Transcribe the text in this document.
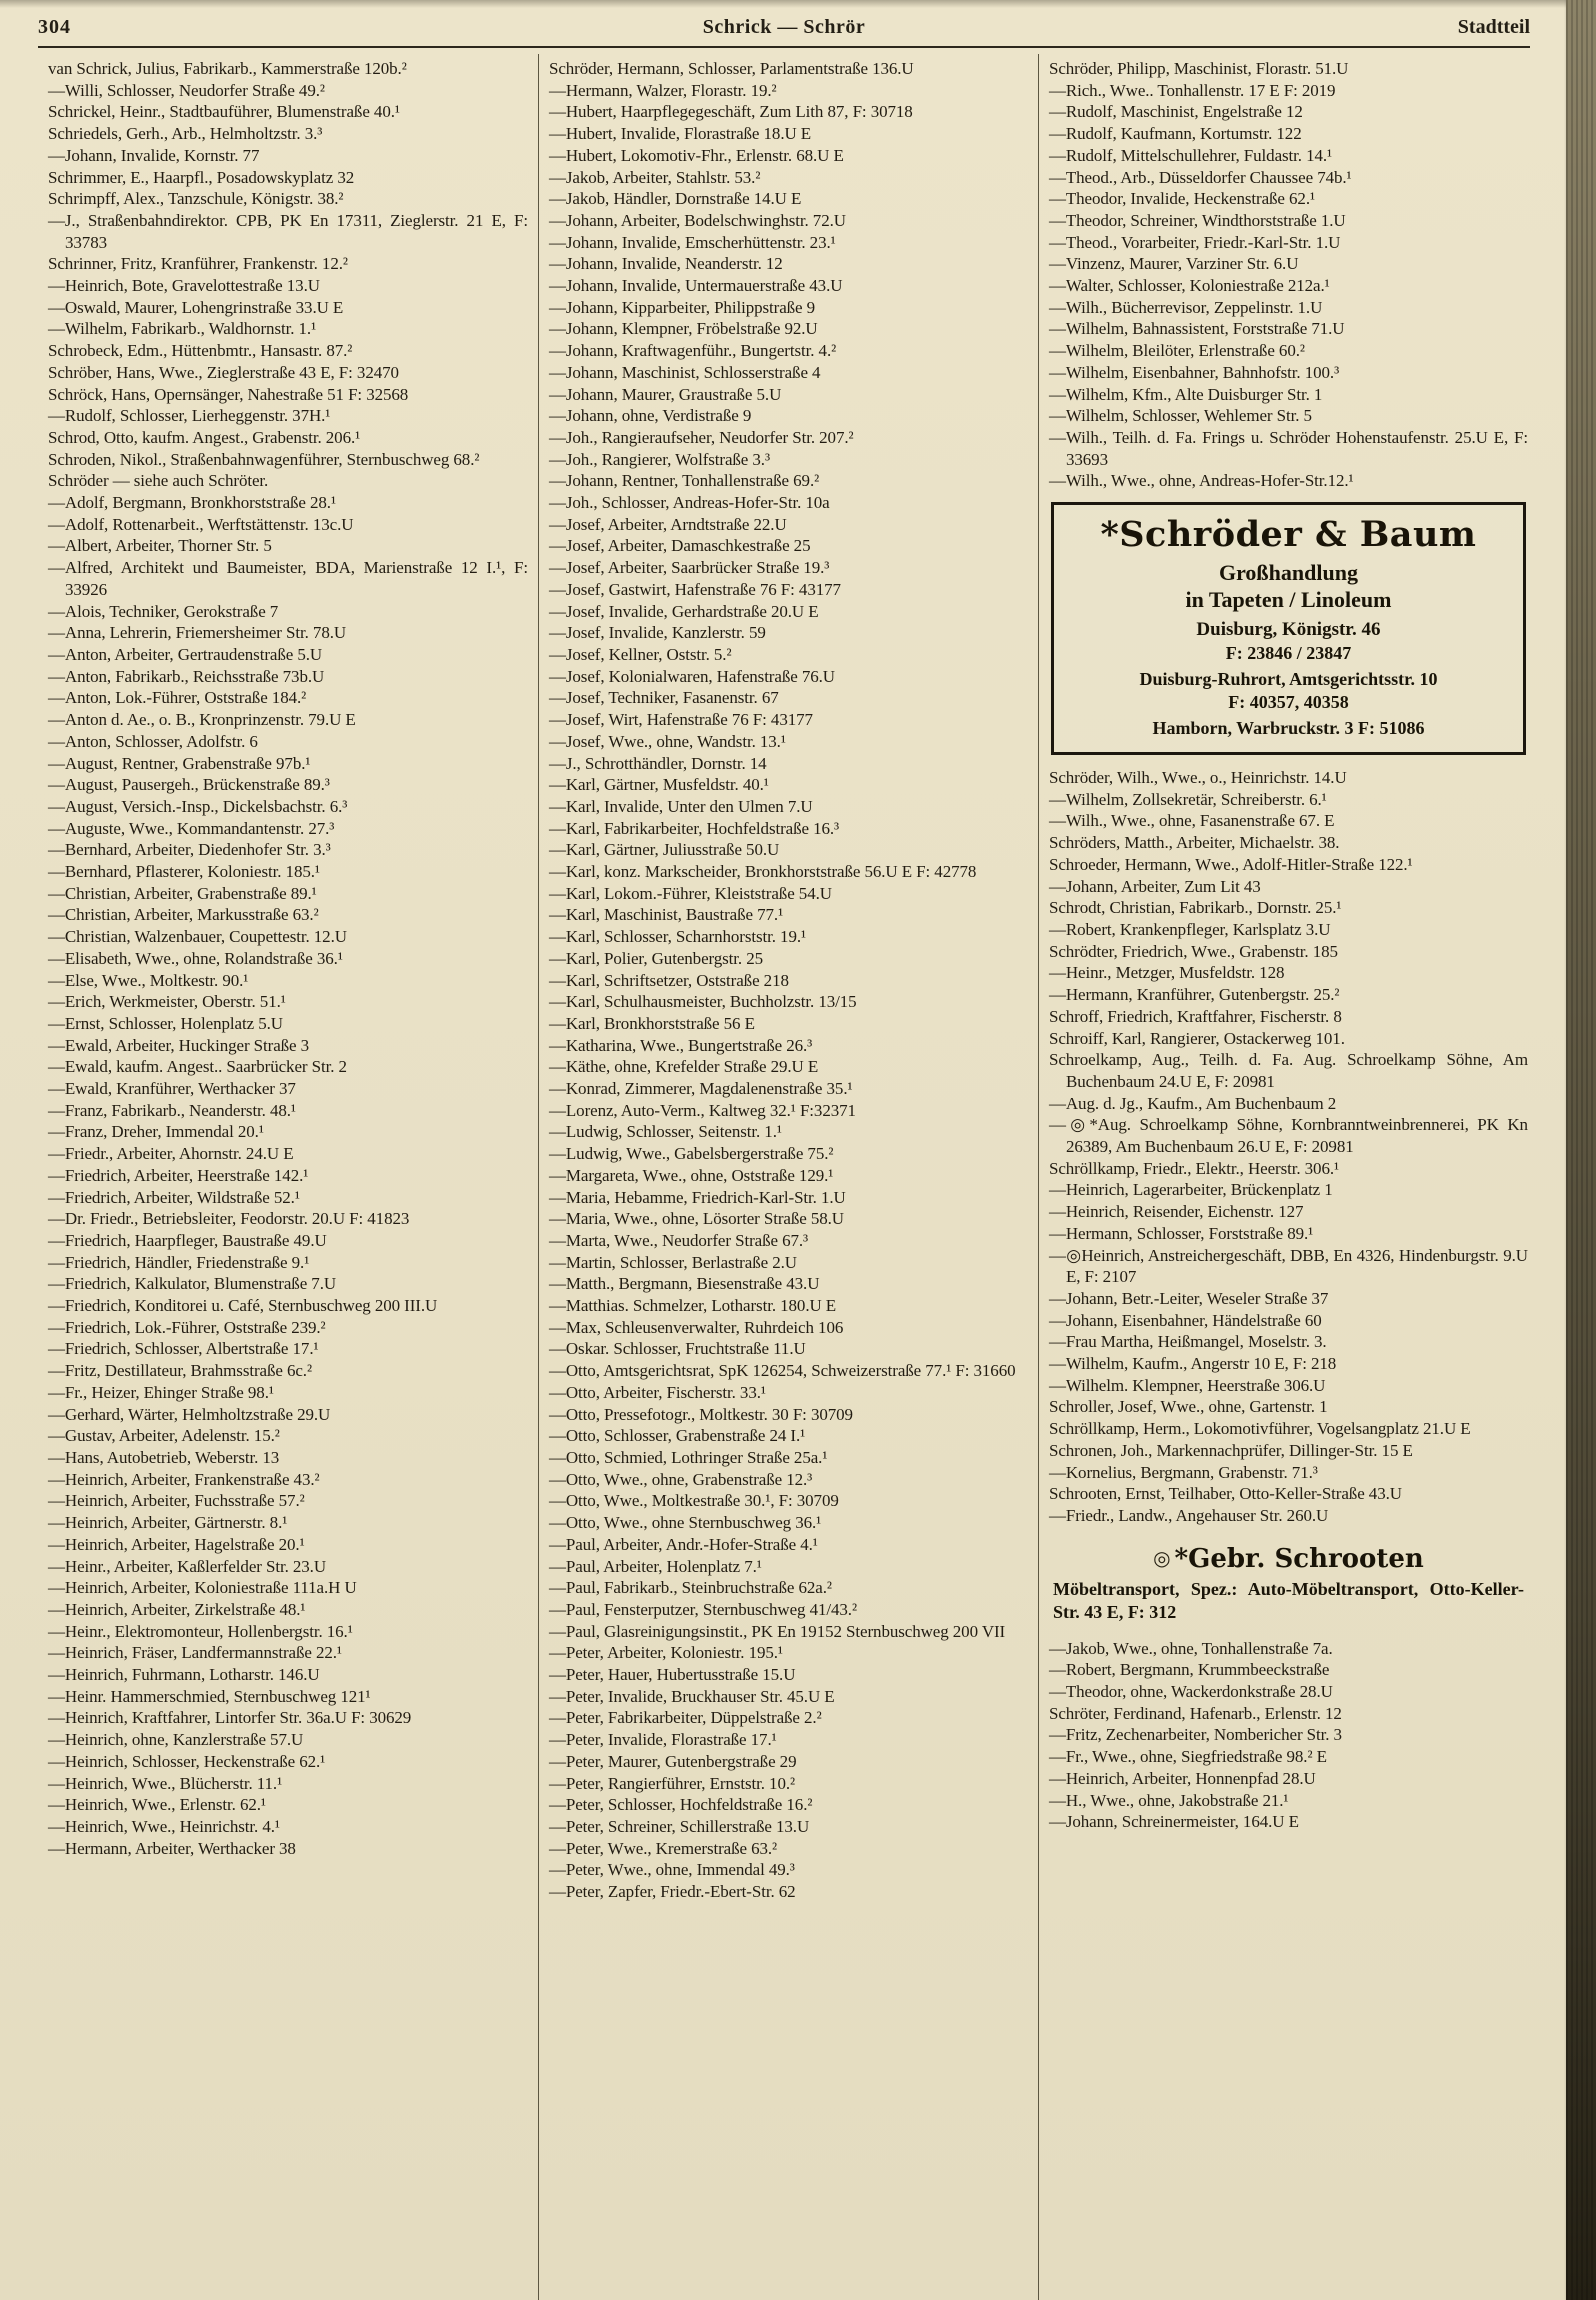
304	Schrick — Schrör	Stadtteil
van Schrick, Julius, Fabrikarb., Kammerstraße 120b.²
—Willi, Schlosser, Neudorfer Straße 49.²
Schrickel, Heinr., Stadtbauführer, Blumenstraße 40.¹
Schriedels, Gerh., Arb., Helmholtzstr. 3.³
—Johann, Invalide, Kornstr. 77
Schrimmer, E., Haarpfl., Posadowskyplatz 32
Schrimpff, Alex., Tanzschule, Königstr. 38.²
—J., Straßenbahndirektor. CPB, PK En 17311, Zieglerstr. 21 E, F: 33783
Schrinner, Fritz, Kranführer, Frankenstr. 12.²
—Heinrich, Bote, Gravelottestraße 13.U
—Oswald, Maurer, Lohengrinstraße 33.U E
—Wilhelm, Fabrikarb., Waldhornstr. 1.¹
Schrobeck, Edm., Hüttenbmtr., Hansastr. 87.²
Schröber, Hans, Wwe., Zieglerstraße 43 E, F: 32470
Schröck, Hans, Opernsänger, Nahestraße 51 F: 32568
—Rudolf, Schlosser, Lierheggenstr. 37H.¹
Schrod, Otto, kaufm. Angest., Grabenstr. 206.¹
Schroden, Nikol., Straßenbahnwagenführer, Sternbuschweg 68.²
Schröder — siehe auch Schröter.
—Adolf, Bergmann, Bronkhorststraße 28.¹
—Adolf, Rottenarbeit., Werftstättenstr. 13c.U
—Albert, Arbeiter, Thorner Str. 5
—Alfred, Architekt und Baumeister, BDA, Marienstraße 12 I.¹, F: 33926
—Alois, Techniker, Gerokstraße 7
—Anna, Lehrerin, Friemersheimer Str. 78.U
—Anton, Arbeiter, Gertraudenstraße 5.U
—Anton, Fabrikarb., Reichsstraße 73b.U
—Anton, Lok.-Führer, Oststraße 184.²
—Anton d. Ae., o. B., Kronprinzenstr. 79.U E
—Anton, Schlosser, Adolfstr. 6
—August, Rentner, Grabenstraße 97b.¹
—August, Pausergeh., Brückenstraße 89.³
—August, Versich.-Insp., Dickelsbachstr. 6.³
—Auguste, Wwe., Kommandantenstr. 27.³
—Bernhard, Arbeiter, Diedenhofer Str. 3.³
—Bernhard, Pflasterer, Koloniestr. 185.¹
—Christian, Arbeiter, Grabenstraße 89.¹
—Christian, Arbeiter, Markusstraße 63.²
—Christian, Walzenbauer, Coupettestr. 12.U
—Elisabeth, Wwe., ohne, Rolandstraße 36.¹
—Else, Wwe., Moltkestr. 90.¹
—Erich, Werkmeister, Oberstr. 51.¹
—Ernst, Schlosser, Holenplatz 5.U
—Ewald, Arbeiter, Huckinger Straße 3
—Ewald, kaufm. Angest.. Saarbrücker Str. 2
—Ewald, Kranführer, Werthacker 37
—Franz, Fabrikarb., Neanderstr. 48.¹
—Franz, Dreher, Immendal 20.¹
—Friedr., Arbeiter, Ahornstr. 24.U E
—Friedrich, Arbeiter, Heerstraße 142.¹
—Friedrich, Arbeiter, Wildstraße 52.¹
—Dr. Friedr., Betriebsleiter, Feodorstr. 20.U F: 41823
—Friedrich, Haarpfleger, Baustraße 49.U
—Friedrich, Händler, Friedenstraße 9.¹
—Friedrich, Kalkulator, Blumenstraße 7.U
—Friedrich, Konditorei u. Café, Sternbuschweg 200 III.U
—Friedrich, Lok.-Führer, Oststraße 239.²
—Friedrich, Schlosser, Albertstraße 17.¹
—Fritz, Destillateur, Brahmsstraße 6c.²
—Fr., Heizer, Ehinger Straße 98.¹
—Gerhard, Wärter, Helmholtzstraße 29.U
—Gustav, Arbeiter, Adelenstr. 15.²
—Hans, Autobetrieb, Weberstr. 13
—Heinrich, Arbeiter, Frankenstraße 43.²
—Heinrich, Arbeiter, Fuchsstraße 57.²
—Heinrich, Arbeiter, Gärtnerstr. 8.¹
—Heinrich, Arbeiter, Hagelstraße 20.¹
—Heinr., Arbeiter, Kaßlerfelder Str. 23.U
—Heinrich, Arbeiter, Koloniestraße 111a.H U
—Heinrich, Arbeiter, Zirkelstraße 48.¹
—Heinr., Elektromonteur, Hollenbergstr. 16.¹
—Heinrich, Fräser, Landfermannstraße 22.¹
—Heinrich, Fuhrmann, Lotharstr. 146.U
—Heinr. Hammerschmied, Sternbuschweg 121¹
—Heinrich, Kraftfahrer, Lintorfer Str. 36a.U F: 30629
—Heinrich, ohne, Kanzlerstraße 57.U
—Heinrich, Schlosser, Heckenstraße 62.¹
—Heinrich, Wwe., Blücherstr. 11.¹
—Heinrich, Wwe., Erlenstr. 62.¹
—Heinrich, Wwe., Heinrichstr. 4.¹
—Hermann, Arbeiter, Werthacker 38
Schröder, Hermann, Schlosser, Parlamentstraße 136.U
—Hermann, Walzer, Florastr. 19.²
—Hubert, Haarpflegegeschäft, Zum Lith 87, F: 30718
—Hubert, Invalide, Florastraße 18.U E
—Hubert, Lokomotiv-Fhr., Erlenstr. 68.U E
—Jakob, Arbeiter, Stahlstr. 53.²
—Jakob, Händler, Dornstraße 14.U E
—Johann, Arbeiter, Bodelschwinghstr. 72.U
—Johann, Invalide, Emscherhüttenstr. 23.¹
—Johann, Invalide, Neanderstr. 12
—Johann, Invalide, Untermauerstraße 43.U
—Johann, Kipparbeiter, Philippstraße 9
—Johann, Klempner, Fröbelstraße 92.U
—Johann, Kraftwagenführ., Bungertstr. 4.²
—Johann, Maschinist, Schlosserstraße 4
—Johann, Maurer, Graustraße 5.U
—Johann, ohne, Verdistraße 9
—Joh., Rangieraufseher, Neudorfer Str. 207.²
—Joh., Rangierer, Wolfstraße 3.³
—Johann, Rentner, Tonhallenstraße 69.²
—Joh., Schlosser, Andreas-Hofer-Str. 10a
—Josef, Arbeiter, Arndtstraße 22.U
—Josef, Arbeiter, Damaschkestraße 25
—Josef, Arbeiter, Saarbrücker Straße 19.³
—Josef, Gastwirt, Hafenstraße 76 F: 43177
—Josef, Invalide, Gerhardstraße 20.U E
—Josef, Invalide, Kanzlerstr. 59
—Josef, Kellner, Oststr. 5.²
—Josef, Kolonialwaren, Hafenstraße 76.U
—Josef, Techniker, Fasanenstr. 67
—Josef, Wirt, Hafenstraße 76 F: 43177
—Josef, Wwe., ohne, Wandstr. 13.¹
—J., Schrotthändler, Dornstr. 14
—Karl, Gärtner, Musfeldstr. 40.¹
—Karl, Invalide, Unter den Ulmen 7.U
—Karl, Fabrikarbeiter, Hochfeldstraße 16.³
—Karl, Gärtner, Juliusstraße 50.U
—Karl, konz. Markscheider, Bronkhorststraße 56.U E F: 42778
—Karl, Lokom.-Führer, Kleiststraße 54.U
—Karl, Maschinist, Baustraße 77.¹
—Karl, Schlosser, Scharnhorststr. 19.¹
—Karl, Polier, Gutenbergstr. 25
—Karl, Schriftsetzer, Oststraße 218
—Karl, Schulhausmeister, Buchholzstr. 13/15
—Karl, Bronkhorststraße 56 E
—Katharina, Wwe., Bungertstraße 26.³
—Käthe, ohne, Krefelder Straße 29.U E
—Konrad, Zimmerer, Magdalenenstraße 35.¹
—Lorenz, Auto-Verm., Kaltweg 32.¹ F:32371
—Ludwig, Schlosser, Seitenstr. 1.¹
—Ludwig, Wwe., Gabelsbergerstraße 75.²
—Margareta, Wwe., ohne, Oststraße 129.¹
—Maria, Hebamme, Friedrich-Karl-Str. 1.U
—Maria, Wwe., ohne, Lösorter Straße 58.U
—Marta, Wwe., Neudorfer Straße 67.³
—Martin, Schlosser, Berlastraße 2.U
—Matth., Bergmann, Biesenstraße 43.U
—Matthias. Schmelzer, Lotharstr. 180.U E
—Max, Schleusenverwalter, Ruhrdeich 106
—Oskar. Schlosser, Fruchtstraße 11.U
—Otto, Amtsgerichtsrat, SpK 126254, Schweizerstraße 77.¹ F: 31660
—Otto, Arbeiter, Fischerstr. 33.¹
—Otto, Pressefotogr., Moltkestr. 30 F: 30709
—Otto, Schlosser, Grabenstraße 24 I.¹
—Otto, Schmied, Lothringer Straße 25a.¹
—Otto, Wwe., ohne, Grabenstraße 12.³
—Otto, Wwe., Moltkestraße 30.¹, F: 30709
—Otto, Wwe., ohne Sternbuschweg 36.¹
—Paul, Arbeiter, Andr.-Hofer-Straße 4.¹
—Paul, Arbeiter, Holenplatz 7.¹
—Paul, Fabrikarb., Steinbruchstraße 62a.²
—Paul, Fensterputzer, Sternbuschweg 41/43.²
—Paul, Glasreinigungsinstit., PK En 19152 Sternbuschweg 200 VII
—Peter, Arbeiter, Koloniestr. 195.¹
—Peter, Hauer, Hubertusstraße 15.U
—Peter, Invalide, Bruckhauser Str. 45.U E
—Peter, Fabrikarbeiter, Düppelstraße 2.²
—Peter, Invalide, Florastraße 17.¹
—Peter, Maurer, Gutenbergstraße 29
—Peter, Rangierführer, Ernststr. 10.²
—Peter, Schlosser, Hochfeldstraße 16.²
—Peter, Schreiner, Schillerstraße 13.U
—Peter, Wwe., Kremerstraße 63.²
—Peter, Wwe., ohne, Immendal 49.³
—Peter, Zapfer, Friedr.-Ebert-Str. 62
Schröder, Philipp, Maschinist, Florastr. 51.U
—Rich., Wwe.. Tonhallenstr. 17 E F: 2019
—Rudolf, Maschinist, Engelstraße 12
—Rudolf, Kaufmann, Kortumstr. 122
—Rudolf, Mittelschullehrer, Fuldastr. 14.¹
—Theod., Arb., Düsseldorfer Chaussee 74b.¹
—Theodor, Invalide, Heckenstraße 62.¹
—Theodor, Schreiner, Windthorststraße 1.U
—Theod., Vorarbeiter, Friedr.-Karl-Str. 1.U
—Vinzenz, Maurer, Varziner Str. 6.U
—Walter, Schlosser, Koloniestraße 212a.¹
—Wilh., Bücherrevisor, Zeppelinstr. 1.U
—Wilhelm, Bahnassistent, Forststraße 71.U
—Wilhelm, Bleilöter, Erlenstraße 60.²
—Wilhelm, Eisenbahner, Bahnhofstr. 100.³
—Wilhelm, Kfm., Alte Duisburger Str. 1
—Wilhelm, Schlosser, Wehlemer Str. 5
—Wilh., Teilh. d. Fa. Frings u. Schröder Hohenstaufenstr. 25.U E, F: 33693
—Wilh., Wwe., ohne, Andreas-Hofer-Str.12.¹
*Schröder & Baum
Großhandlung
in Tapeten / Linoleum
Duisburg, Königstr. 46
F: 23846 / 23847
Duisburg-Ruhrort, Amtsgerichtsstr. 10
F: 40357, 40358
Hamborn, Warbruckstr. 3 F: 51086
Schröder, Wilh., Wwe., o., Heinrichstr. 14.U
—Wilhelm, Zollsekretär, Schreiberstr. 6.¹
—Wilh., Wwe., ohne, Fasanenstraße 67. E
Schröders, Matth., Arbeiter, Michaelstr. 38.
Schroeder, Hermann, Wwe., Adolf-Hitler-Straße 122.¹
—Johann, Arbeiter, Zum Lit 43
Schrodt, Christian, Fabrikarb., Dornstr. 25.¹
—Robert, Krankenpfleger, Karlsplatz 3.U
Schrödter, Friedrich, Wwe., Grabenstr. 185
—Heinr., Metzger, Musfeldstr. 128
—Hermann, Kranführer, Gutenbergstr. 25.²
Schroff, Friedrich, Kraftfahrer, Fischerstr. 8
Schroiff, Karl, Rangierer, Ostackerweg 101.
Schroelkamp, Aug., Teilh. d. Fa. Aug. Schroelkamp Söhne, Am Buchenbaum 24.U E, F: 20981
—Aug. d. Jg., Kaufm., Am Buchenbaum 2
—◎*Aug. Schroelkamp Söhne, Kornbranntweinbrennerei, PK Kn 26389, Am Buchenbaum 26.U E, F: 20981
Schröllkamp, Friedr., Elektr., Heerstr. 306.¹
—Heinrich, Lagerarbeiter, Brückenplatz 1
—Heinrich, Reisender, Eichenstr. 127
—Hermann, Schlosser, Forststraße 89.¹
—◎Heinrich, Anstreichergeschäft, DBB, En 4326, Hindenburgstr. 9.U E, F: 2107
—Johann, Betr.-Leiter, Weseler Straße 37
—Johann, Eisenbahner, Händelstraße 60
—Frau Martha, Heißmangel, Moselstr. 3.
—Wilhelm, Kaufm., Angerstr 10 E, F: 218
—Wilhelm. Klempner, Heerstraße 306.U
Schroller, Josef, Wwe., ohne, Gartenstr. 1
Schröllkamp, Herm., Lokomotivführer, Vogelsangplatz 21.U E
Schronen, Joh., Markennachprüfer, Dillinger-Str. 15 E
—Kornelius, Bergmann, Grabenstr. 71.³
Schrooten, Ernst, Teilhaber, Otto-Keller-Straße 43.U
—Friedr., Landw., Angehauser Str. 260.U
◎ *Gebr. Schrooten
Möbeltransport, Spez.: Auto-Möbeltransport, Otto-Keller-Str. 43 E, F: 312
—Jakob, Wwe., ohne, Tonhallenstraße 7a.
—Robert, Bergmann, Krummbeeckstraße
—Theodor, ohne, Wackerdonkstraße 28.U
Schröter, Ferdinand, Hafenarb., Erlenstr. 12
—Fritz, Zechenarbeiter, Nombericher Str. 3
—Fr., Wwe., ohne, Siegfriedstraße 98.² E
—Heinrich, Arbeiter, Honnenpfad 28.U
—H., Wwe., ohne, Jakobstraße 21.¹
—Johann, Schreinermeister, 164.U E
